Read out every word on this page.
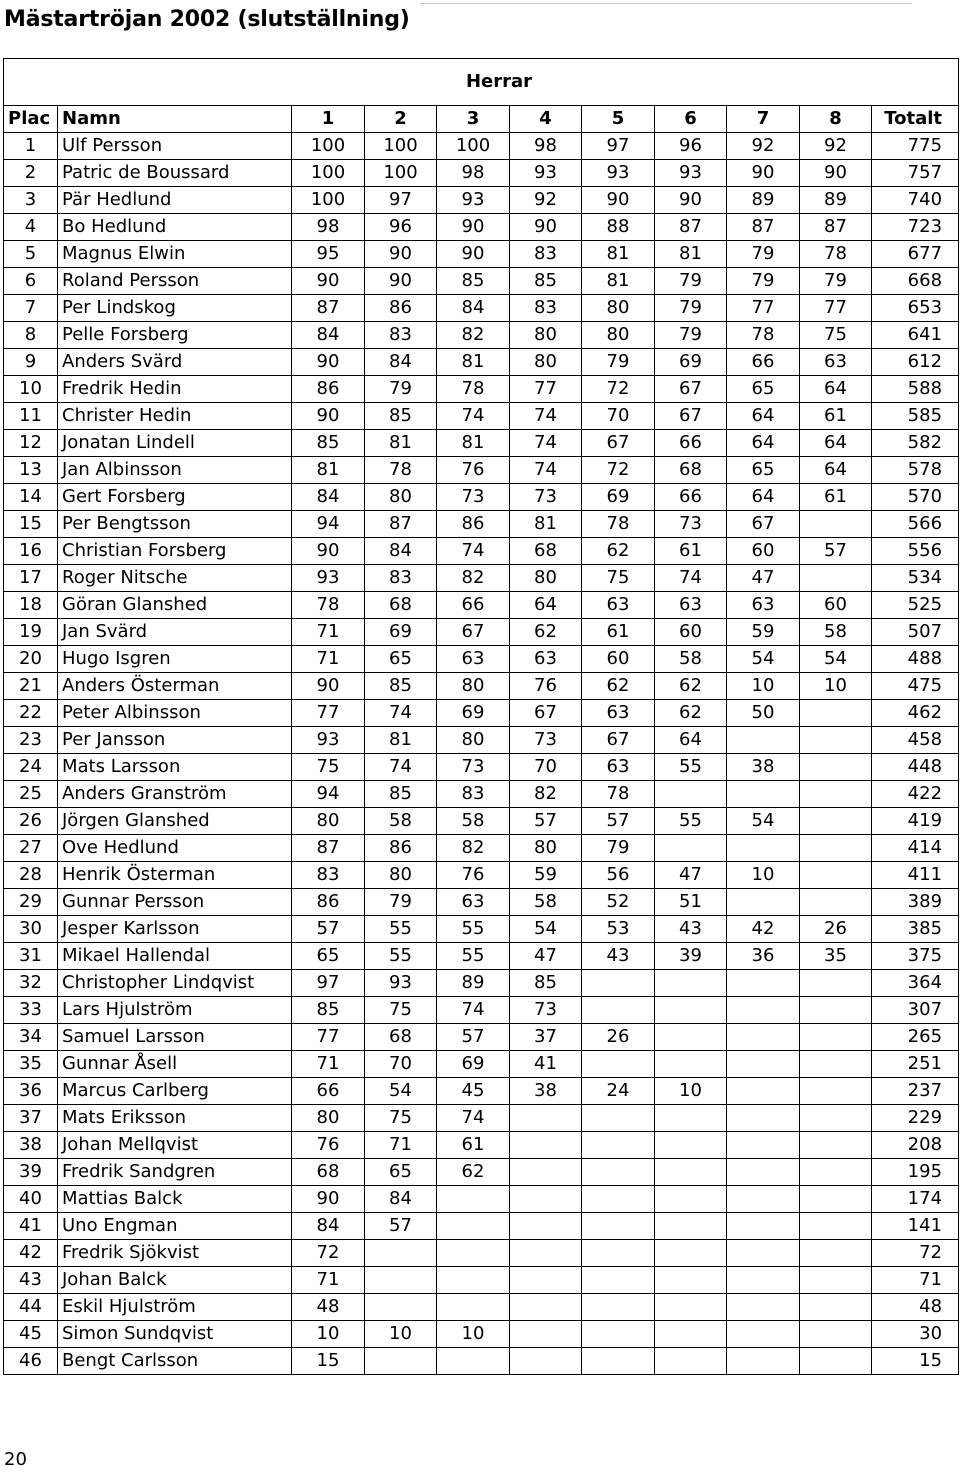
Mästartröjan 2002 (slutställning)
Herrar										
Plac	Namn	1	2	3	4	5	6	7	8	Totalt
1	Ulf Persson	100	100	100	98	97	96	92	92	775
2	Patric de Boussard	100	100	98	93	93	93	90	90	757
3	Pär Hedlund	100	97	93	92	90	90	89	89	740
4	Bo Hedlund	98	96	90	90	88	87	87	87	723
5	Magnus Elwin	95	90	90	83	81	81	79	78	677
6	Roland Persson	90	90	85	85	81	79	79	79	668
7	Per Lindskog	87	86	84	83	80	79	77	77	653
8	Pelle Forsberg	84	83	82	80	80	79	78	75	641
9	Anders Svärd	90	84	81	80	79	69	66	63	612
10	Fredrik Hedin	86	79	78	77	72	67	65	64	588
11	Christer Hedin	90	85	74	74	70	67	64	61	585
12	Jonatan Lindell	85	81	81	74	67	66	64	64	582
13	Jan Albinsson	81	78	76	74	72	68	65	64	578
14	Gert Forsberg	84	80	73	73	69	66	64	61	570
15	Per Bengtsson	94	87	86	81	78	73	67		566
16	Christian Forsberg	90	84	74	68	62	61	60	57	556
17	Roger Nitsche	93	83	82	80	75	74	47		534
18	Göran Glanshed	78	68	66	64	63	63	63	60	525
19	Jan Svärd	71	69	67	62	61	60	59	58	507
20	Hugo Isgren	71	65	63	63	60	58	54	54	488
21	Anders Österman	90	85	80	76	62	62	10	10	475
22	Peter Albinsson	77	74	69	67	63	62	50		462
23	Per Jansson	93	81	80	73	67	64			458
24	Mats Larsson	75	74	73	70	63	55	38		448
25	Anders Granström	94	85	83	82	78				422
26	Jörgen Glanshed	80	58	58	57	57	55	54		419
27	Ove Hedlund	87	86	82	80	79				414
28	Henrik Österman	83	80	76	59	56	47	10		411
29	Gunnar Persson	86	79	63	58	52	51			389
30	Jesper Karlsson	57	55	55	54	53	43	42	26	385
31	Mikael Hallendal	65	55	55	47	43	39	36	35	375
32	Christopher Lindqvist	97	93	89	85					364
33	Lars Hjulström	85	75	74	73					307
34	Samuel Larsson	77	68	57	37	26				265
35	Gunnar Åsell	71	70	69	41					251
36	Marcus Carlberg	66	54	45	38	24	10			237
37	Mats Eriksson	80	75	74						229
38	Johan Mellqvist	76	71	61						208
39	Fredrik Sandgren	68	65	62						195
40	Mattias Balck	90	84							174
41	Uno Engman	84	57							141
42	Fredrik Sjökvist	72								72
43	Johan Balck	71								71
44	Eskil Hjulström	48								48
45	Simon Sundqvist	10	10	10						30
46	Bengt Carlsson	15								15
20
